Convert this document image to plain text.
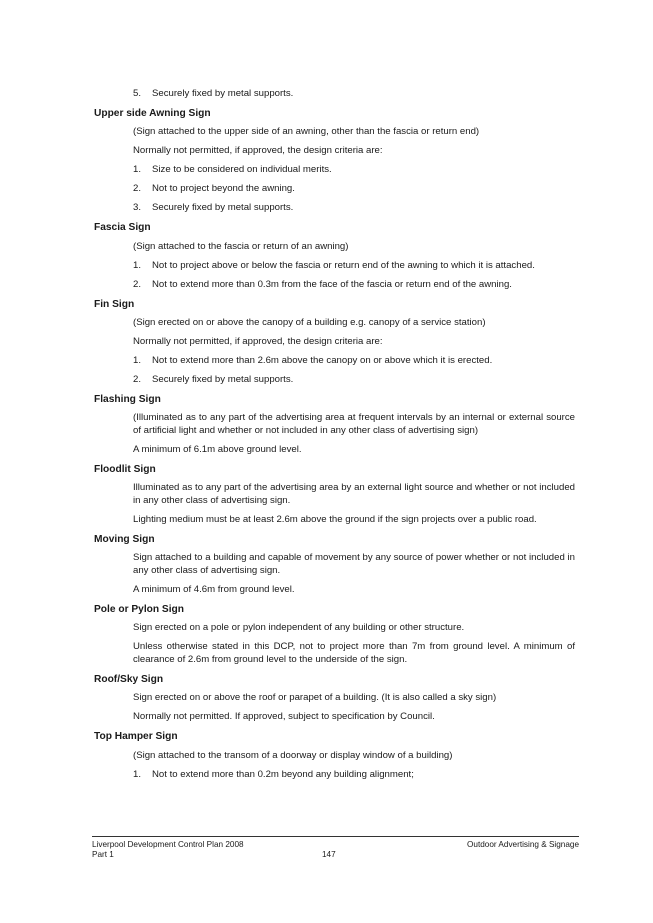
5.	Securely fixed by metal supports.
Upper side Awning Sign
(Sign attached to the upper side of an awning, other than the fascia or return end)
Normally not permitted, if approved, the design criteria are:
1.	Size to be considered on individual merits.
2.	Not to project beyond the awning.
3.	Securely fixed by metal supports.
Fascia Sign
(Sign attached to the fascia or return of an awning)
1.	Not to project above or below the fascia or return end of the awning to which it is attached.
2.	Not to extend more than 0.3m from the face of the fascia or return end of the awning.
Fin Sign
(Sign erected on or above the canopy of a building e.g. canopy of a service station)
Normally not permitted, if approved, the design criteria are:
1.	Not to extend more than 2.6m above the canopy on or above which it is erected.
2.	Securely fixed by metal supports.
Flashing Sign
(Illuminated as to any part of the advertising area at frequent intervals by an internal or external source of artificial light and whether or not included in any other class of advertising sign)
A minimum of 6.1m above ground level.
Floodlit Sign
Illuminated as to any part of the advertising area by an external light source and whether or not included in any other class of advertising sign.
Lighting medium must be at least 2.6m above the ground if the sign projects over a public road.
Moving Sign
Sign attached to a building and capable of movement by any source of power whether or not included in any other class of advertising sign.
A minimum of 4.6m from ground level.
Pole or Pylon Sign
Sign erected on a pole or pylon independent of any building or other structure.
Unless otherwise stated in this DCP, not to project more than 7m from ground level. A minimum of clearance of 2.6m from ground level to the underside of the sign.
Roof/Sky Sign
Sign erected on or above the roof or parapet of a building. (It is also called a sky sign)
Normally not permitted. If approved, subject to specification by Council.
Top Hamper Sign
(Sign attached to the transom of a doorway or display window of a building)
1.	Not to extend more than 0.2m beyond any building alignment;
Liverpool Development Control Plan 2008	Outdoor Advertising & Signage
Part 1	147
